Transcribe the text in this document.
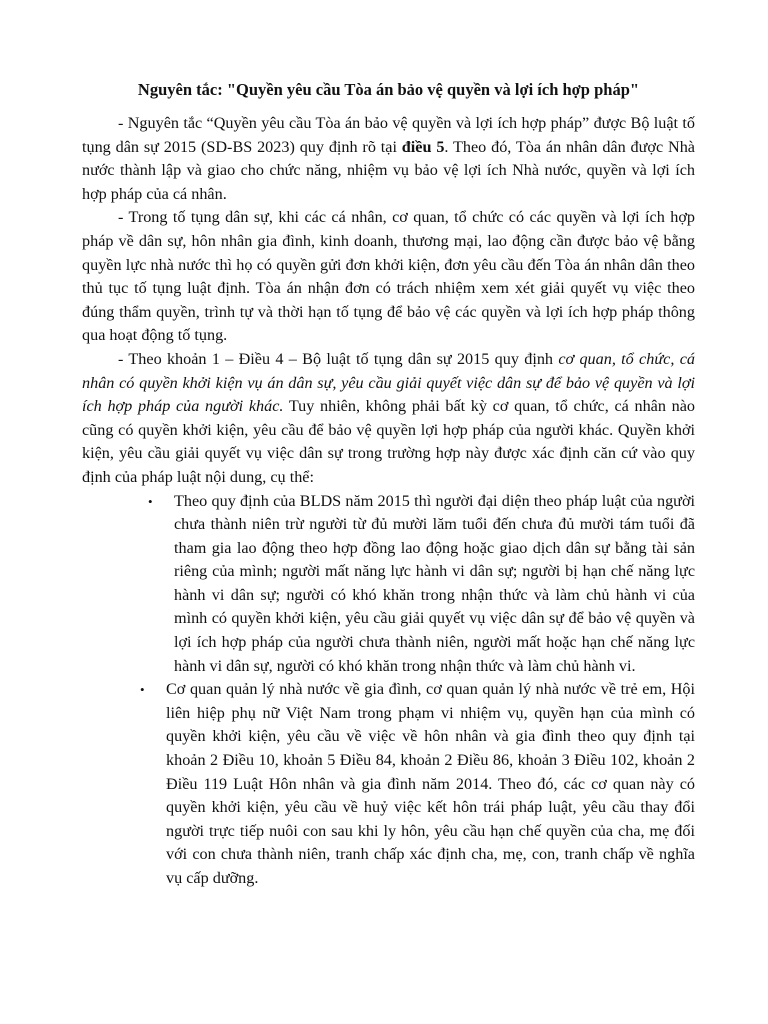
Nguyên tắc: "Quyền yêu cầu Tòa án bảo vệ quyền và lợi ích hợp pháp"

- Nguyên tắc “Quyền yêu cầu Tòa án bảo vệ quyền và lợi ích hợp pháp” được Bộ luật tố tụng dân sự 2015 (SD-BS 2023) quy định rõ tại điều 5. Theo đó, Tòa án nhân dân được Nhà nước thành lập và giao cho chức năng, nhiệm vụ bảo vệ lợi ích Nhà nước, quyền và lợi ích hợp pháp của cá nhân.

- Trong tố tụng dân sự, khi các cá nhân, cơ quan, tổ chức có các quyền và lợi ích hợp pháp về dân sự, hôn nhân gia đình, kinh doanh, thương mại, lao động cần được bảo vệ bằng quyền lực nhà nước thì họ có quyền gửi đơn khởi kiện, đơn yêu cầu đến Tòa án nhân dân theo thủ tục tố tụng luật định. Tòa án nhận đơn có trách nhiệm xem xét giải quyết vụ việc theo đúng thẩm quyền, trình tự và thời hạn tố tụng để bảo vệ các quyền và lợi ích hợp pháp thông qua hoạt động tố tụng.

- Theo khoản 1 – Điều 4 – Bộ luật tố tụng dân sự 2015 quy định cơ quan, tổ chức, cá nhân có quyền khởi kiện vụ án dân sự, yêu cầu giải quyết việc dân sự để bảo vệ quyền và lợi ích hợp pháp của người khác. Tuy nhiên, không phải bất kỳ cơ quan, tổ chức, cá nhân nào cũng có quyền khởi kiện, yêu cầu để bảo vệ quyền lợi hợp pháp của người khác. Quyền khởi kiện, yêu cầu giải quyết vụ việc dân sự trong trường hợp này được xác định căn cứ vào quy định của pháp luật nội dung, cụ thể:

• Theo quy định của BLDS năm 2015 thì người đại diện theo pháp luật của người chưa thành niên trừ người từ đủ mười lăm tuổi đến chưa đủ mười tám tuổi đã tham gia lao động theo hợp đồng lao động hoặc giao dịch dân sự bằng tài sản riêng của mình; người mất năng lực hành vi dân sự; người bị hạn chế năng lực hành vi dân sự; người có khó khăn trong nhận thức và làm chủ hành vi của mình có quyền khởi kiện, yêu cầu giải quyết vụ việc dân sự để bảo vệ quyền và lợi ích hợp pháp của người chưa thành niên, người mất hoặc hạn chế năng lực hành vi dân sự, người có khó khăn trong nhận thức và làm chủ hành vi.
• Cơ quan quản lý nhà nước về gia đình, cơ quan quản lý nhà nước về trẻ em, Hội liên hiệp phụ nữ Việt Nam trong phạm vi nhiệm vụ, quyền hạn của mình có quyền khởi kiện, yêu cầu về việc về hôn nhân và gia đình theo quy định tại khoản 2 Điều 10, khoản 5 Điều 84, khoản 2 Điều 86, khoản 3 Điều 102, khoản 2 Điều 119 Luật Hôn nhân và gia đình năm 2014. Theo đó, các cơ quan này có quyền khởi kiện, yêu cầu về huỷ việc kết hôn trái pháp luật, yêu cầu thay đổi người trực tiếp nuôi con sau khi ly hôn, yêu cầu hạn chế quyền của cha, mẹ đối với con chưa thành niên, tranh chấp xác định cha, mẹ, con, tranh chấp về nghĩa vụ cấp dưỡng.
